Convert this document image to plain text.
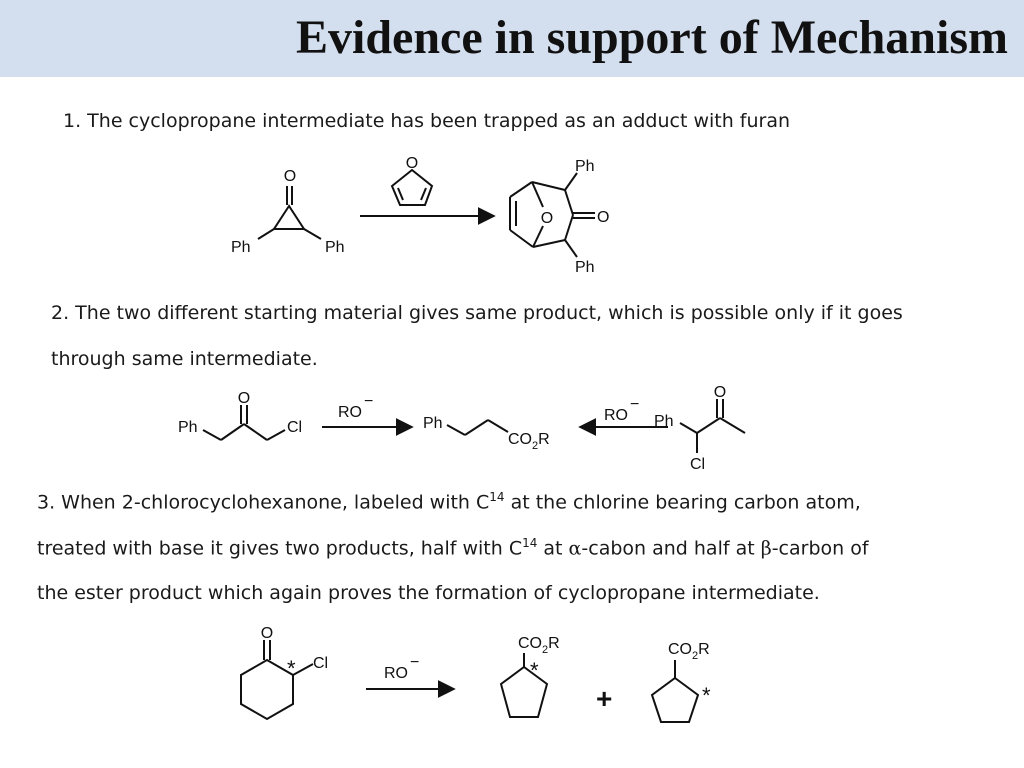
Evidence in support of Mechanism

1. The cyclopropane intermediate has been trapped as an adduct with furan

O
Ph	Ph
O	Ph
O	O
Ph

2. The two different starting material gives same product, which is possible only if it goes

through same intermediate.

Ph
O
Cl
RO
−
Ph
$CO_2R$
RO
−
Ph
O
Cl

3. When 2-chlorocyclohexanone, labeled with $C^{14}$ at the chlorine bearing carbon atom,

treated with base it gives two products, half with $C^{14}$ at α-cabon and half at β-carbon of

the ester product which again proves the formation of cyclopropane intermediate.

O
* Cl
RO
−
$CO_2R$
*
+
$CO_2R$
*
